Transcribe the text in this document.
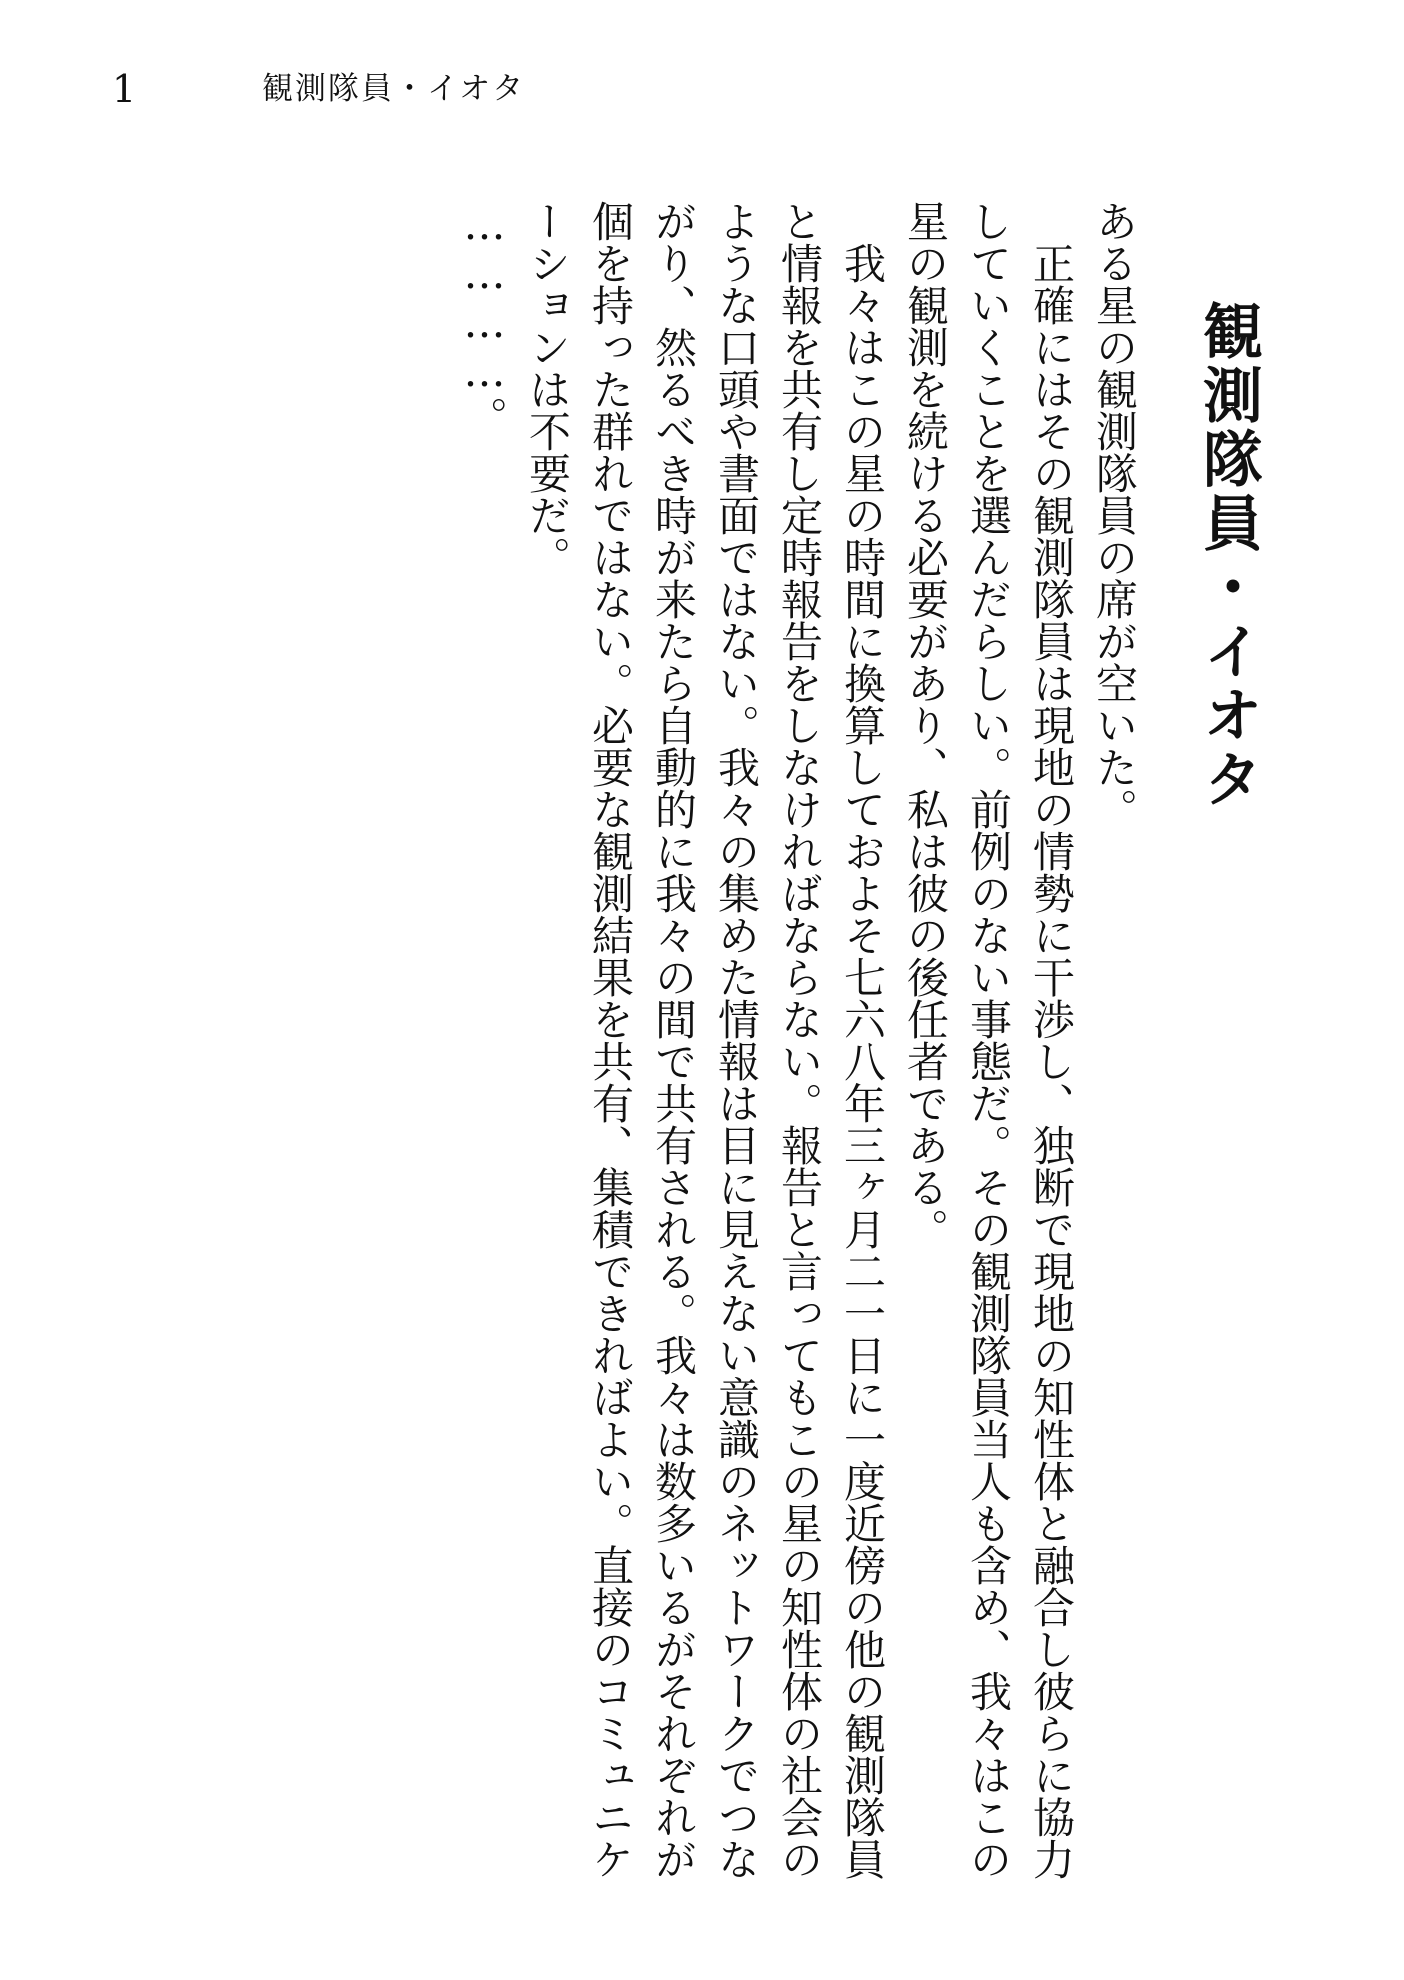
1	観測隊員・イオタ
観測隊員・イオタ

ある星の観測隊員の席が空いた。

正確にはその観測隊員は現地の情勢に干渉し、独断で現地の知性体と融合し彼らに協力していくことを選んだらしい。前例のない事態だ。その観測隊員当人も含め、我々はこの星の観測を続ける必要があり、私は彼の後任者である。

我々はこの星の時間に換算しておよそ七六八年三ヶ月二一日に一度近傍の他の観測隊員と情報を共有し定時報告をしなければならない。報告と言ってもこの星の知性体の社会のような口頭や書面ではない。我々の集めた情報は目に見えない意識のネットワークでつながり、然るべき時が来たら自動的に我々の間で共有される。我々は数多いるがそれぞれが個を持った群れではない。必要な観測結果を共有、集積できればよい。直接のコミュニケーションは不要だ。

…………。
